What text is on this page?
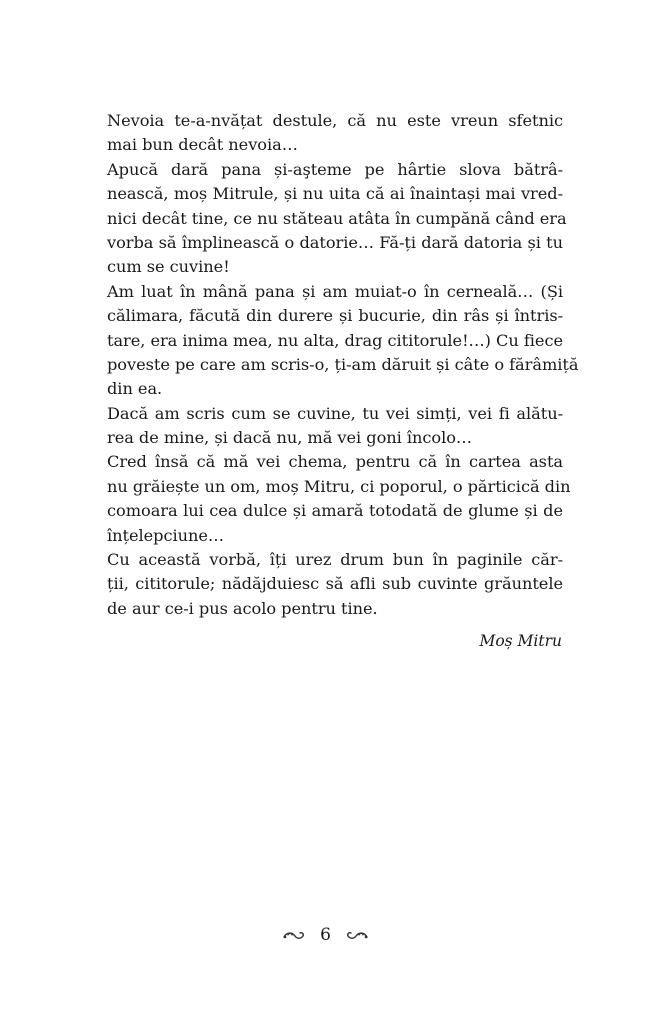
Nevoia te-a-nvățat destule, că nu este vreun sfetnic
mai bun decât nevoia…
Apucă dară pana și-aşteme pe hârtie slova bătrâ-
nească, moș Mitrule, și nu uita că ai înaintași mai vred-
nici decât tine, ce nu stăteau atâta în cumpănă când era
vorba să împlinească o datorie… Fă-ți dară datoria și tu
cum se cuvine!
Am luat în mână pana și am muiat-o în cerneală… (Și
călimara, făcută din durere și bucurie, din râs și întris-
tare, era inima mea, nu alta, drag cititorule!…) Cu fiece
poveste pe care am scris-o, ți-am dăruit și câte o fărâmiță
din ea.
Dacă am scris cum se cuvine, tu vei simți, vei fi alătu-
rea de mine, și dacă nu, mă vei goni încolo…
Cred însă că mă vei chema, pentru că în cartea asta
nu grăiește un om, moș Mitru, ci poporul, o părticică din
comoara lui cea dulce și amară totodată de glume și de
înțelepciune…
Cu această vorbă, îți urez drum bun în paginile căr-
ții, cititorule; nădăjduiesc să afli sub cuvinte grăuntele
de aur ce-i pus acolo pentru tine.
Moș Mitru
6
